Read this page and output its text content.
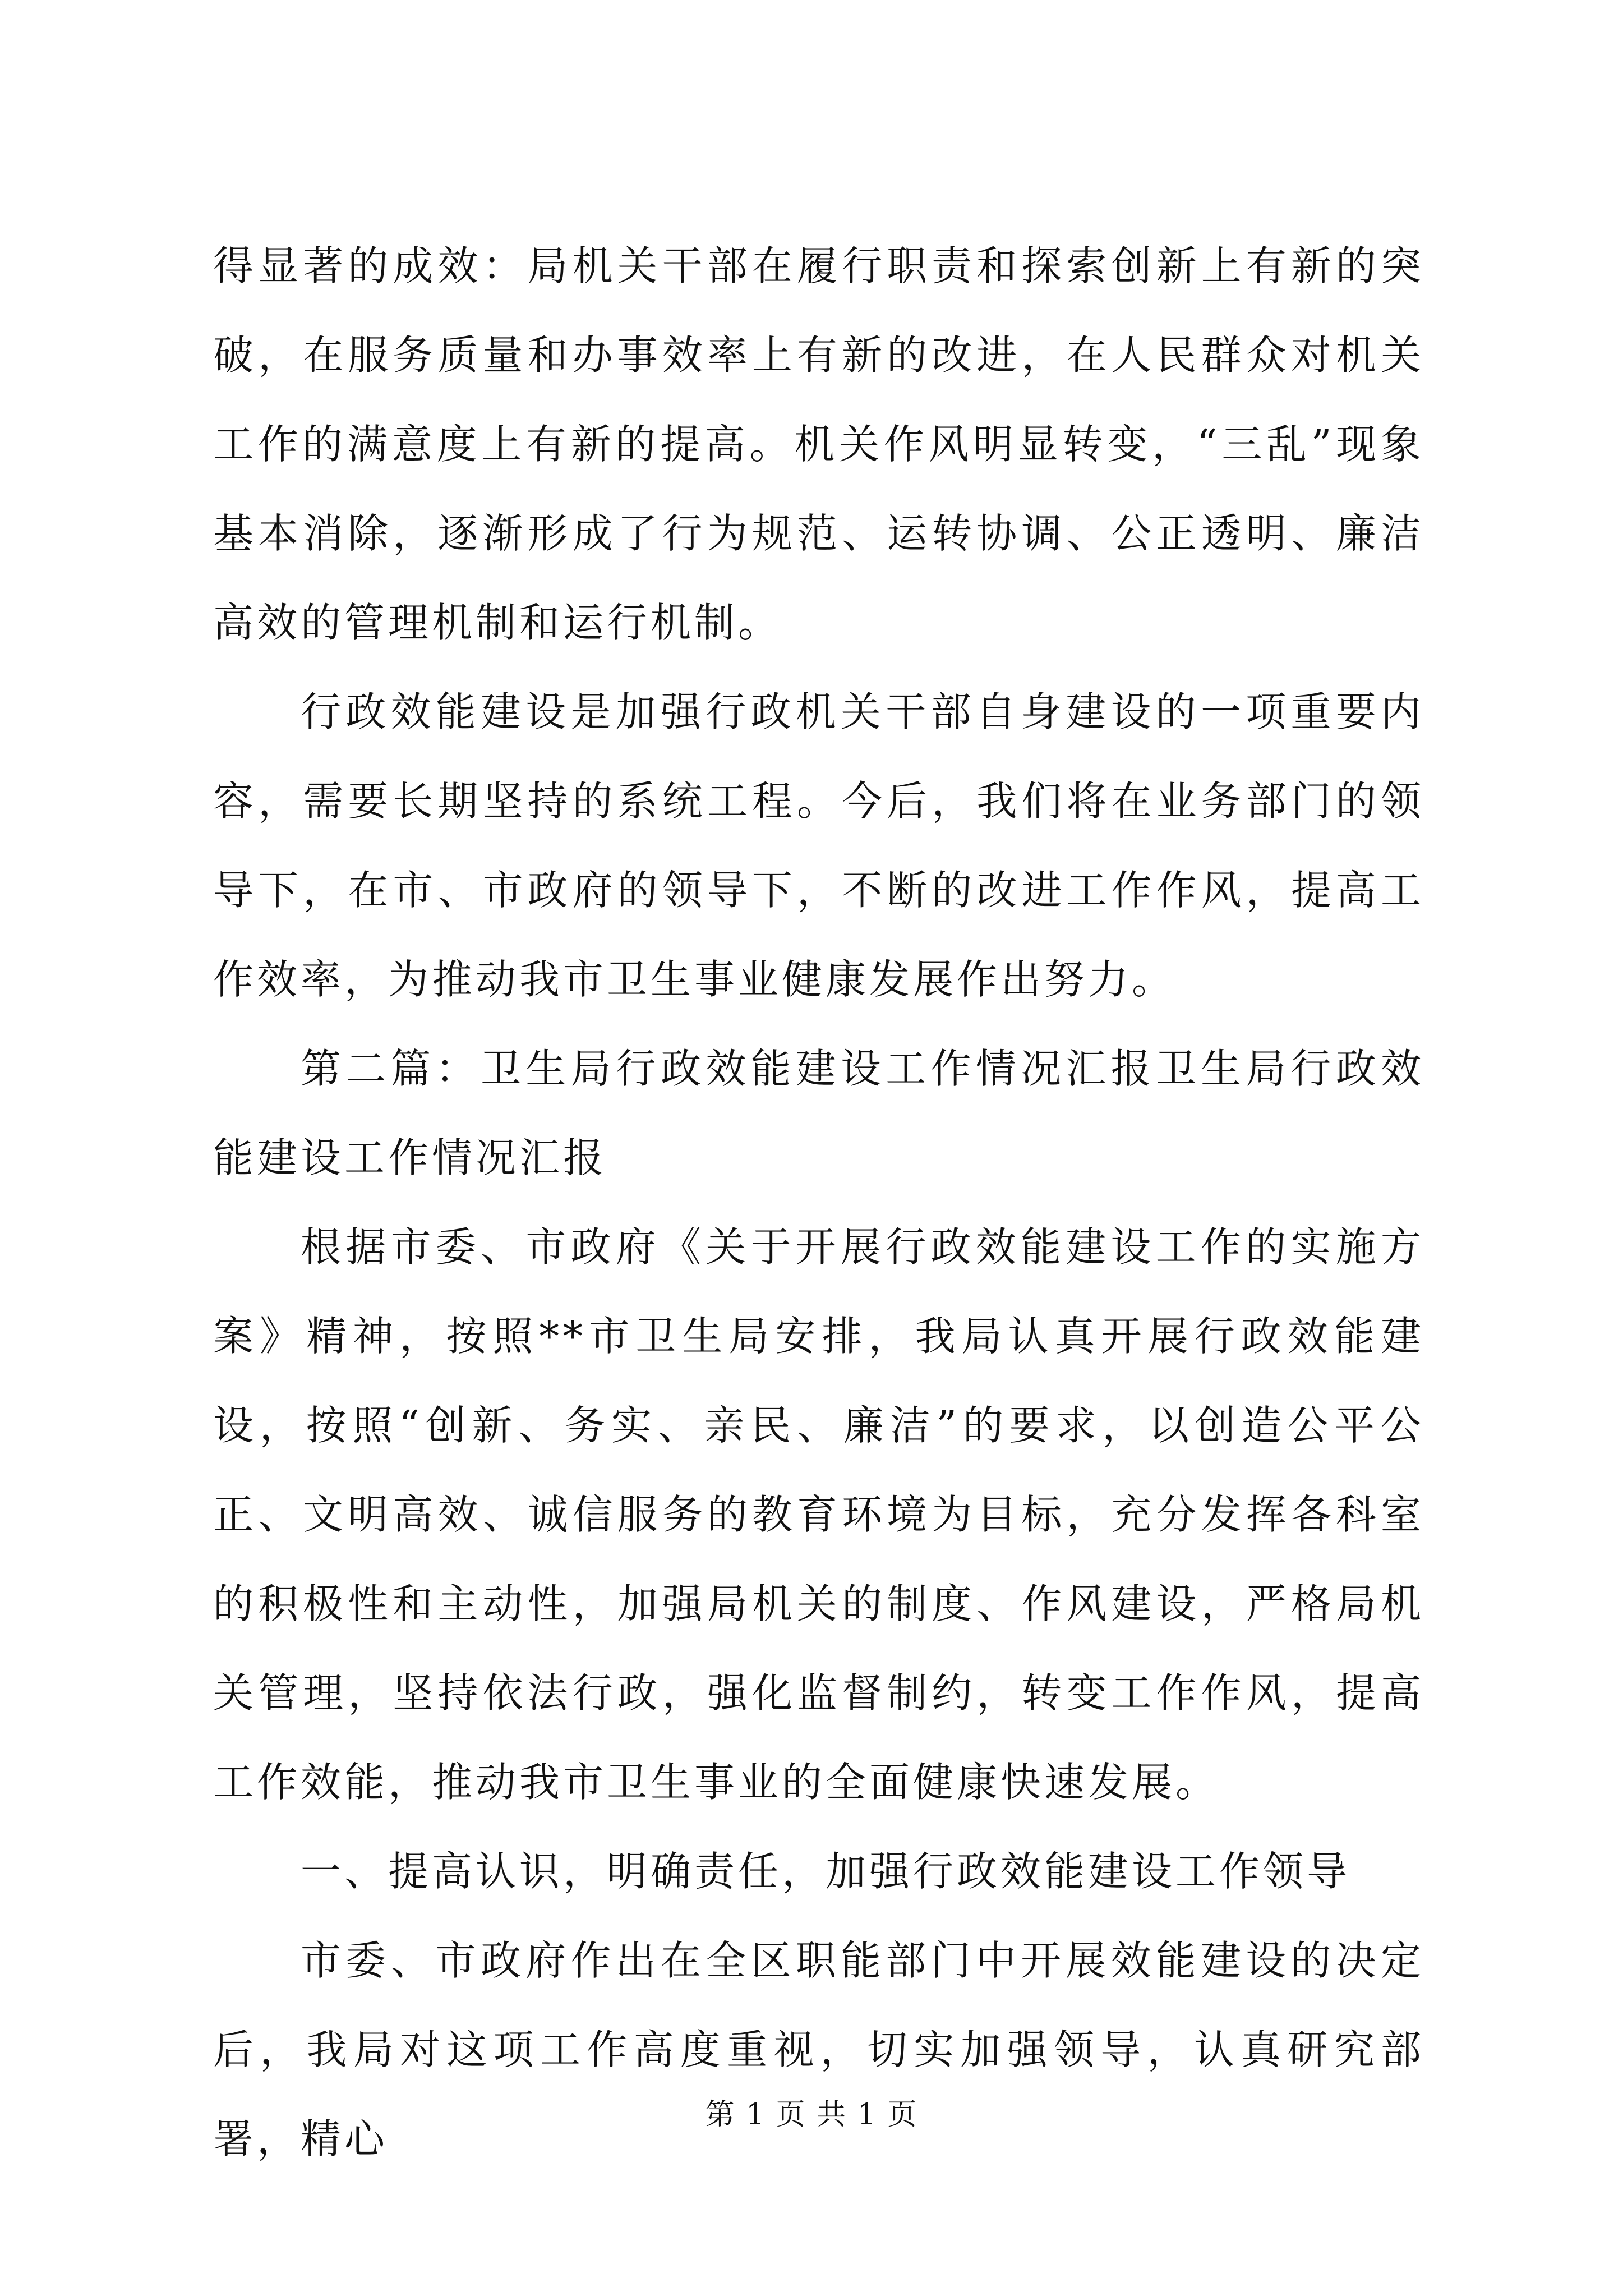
得显著的成效：局机关干部在履行职责和探索创新上有新的突破，在服务质量和办事效率上有新的改进，在人民群众对机关工作的满意度上有新的提高。机关作风明显转变，“三乱”现象基本消除，逐渐形成了行为规范、运转协调、公正透明、廉洁高效的管理机制和运行机制。

行政效能建设是加强行政机关干部自身建设的一项重要内容，需要长期坚持的系统工程。今后，我们将在业务部门的领导下，在市、市政府的领导下，不断的改进工作作风，提高工作效率，为推动我市卫生事业健康发展作出努力。

第二篇：卫生局行政效能建设工作情况汇报卫生局行政效能建设工作情况汇报

根据市委、市政府《关于开展行政效能建设工作的实施方案》精神，按照**市卫生局安排，我局认真开展行政效能建设，按照“创新、务实、亲民、廉洁”的要求，以创造公平公正、文明高效、诚信服务的教育环境为目标，充分发挥各科室的积极性和主动性，加强局机关的制度、作风建设，严格局机关管理，坚持依法行政，强化监督制约，转变工作作风，提高工作效能，推动我市卫生事业的全面健康快速发展。

一、提高认识，明确责任，加强行政效能建设工作领导

市委、市政府作出在全区职能部门中开展效能建设的决定后，我局对这项工作高度重视，切实加强领导，认真研究部署，精心

第 1 页 共 1 页
